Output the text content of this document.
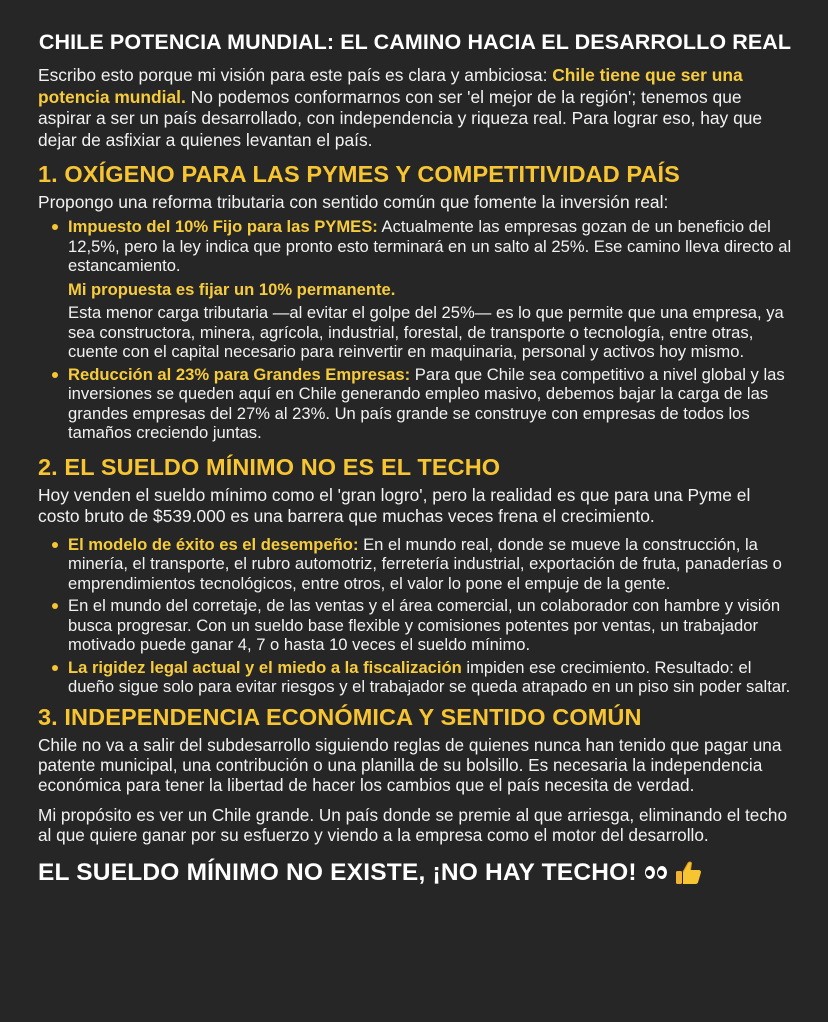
CHILE POTENCIA MUNDIAL: EL CAMINO HACIA EL DESARROLLO REAL

Escribo esto porque mi visión para este país es clara y ambiciosa: Chile tiene que ser una potencia mundial. No podemos conformarnos con ser 'el mejor de la región'; tenemos que aspirar a ser un país desarrollado, con independencia y riqueza real. Para lograr eso, hay que dejar de asfixiar a quienes levantan el país.

1. OXÍGENO PARA LAS PYMES Y COMPETITIVIDAD PAÍS

Propongo una reforma tributaria con sentido común que fomente la inversión real:

Impuesto del 10% Fijo para las PYMES: Actualmente las empresas gozan de un beneficio del 12,5%, pero la ley indica que pronto esto terminará en un salto al 25%. Ese camino lleva directo al estancamiento.
Mi propuesta es fijar un 10% permanente.
Esta menor carga tributaria —al evitar el golpe del 25%— es lo que permite que una empresa, ya sea constructora, minera, agrícola, industrial, forestal, de transporte o tecnología, entre otras, cuente con el capital necesario para reinvertir en maquinaria, personal y activos hoy mismo.
Reducción al 23% para Grandes Empresas: Para que Chile sea competitivo a nivel global y las inversiones se queden aquí en Chile generando empleo masivo, debemos bajar la carga de las grandes empresas del 27% al 23%. Un país grande se construye con empresas de todos los tamaños creciendo juntas.
2. EL SUELDO MÍNIMO NO ES EL TECHO

Hoy venden el sueldo mínimo como el 'gran logro', pero la realidad es que para una Pyme el costo bruto de $539.000 es una barrera que muchas veces frena el crecimiento.

El modelo de éxito es el desempeño: En el mundo real, donde se mueve la construcción, la minería, el transporte, el rubro automotriz, ferretería industrial, exportación de fruta, panaderías o emprendimientos tecnológicos, entre otros, el valor lo pone el empuje de la gente.
En el mundo del corretaje, de las ventas y el área comercial, un colaborador con hambre y visión busca progresar. Con un sueldo base flexible y comisiones potentes por ventas, un trabajador motivado puede ganar 4, 7 o hasta 10 veces el sueldo mínimo.
La rigidez legal actual y el miedo a la fiscalización impiden ese crecimiento. Resultado: el dueño sigue solo para evitar riesgos y el trabajador se queda atrapado en un piso sin poder saltar.
3. INDEPENDENCIA ECONÓMICA Y SENTIDO COMÚN

Chile no va a salir del subdesarrollo siguiendo reglas de quienes nunca han tenido que pagar una patente municipal, una contribución o una planilla de su bolsillo. Es necesaria la independencia económica para tener la libertad de hacer los cambios que el país necesita de verdad.

Mi propósito es ver un Chile grande. Un país donde se premie al que arriesga, eliminando el techo al que quiere ganar por su esfuerzo y viendo a la empresa como el motor del desarrollo.

EL SUELDO MÍNIMO NO EXISTE, ¡NO HAY TECHO!
